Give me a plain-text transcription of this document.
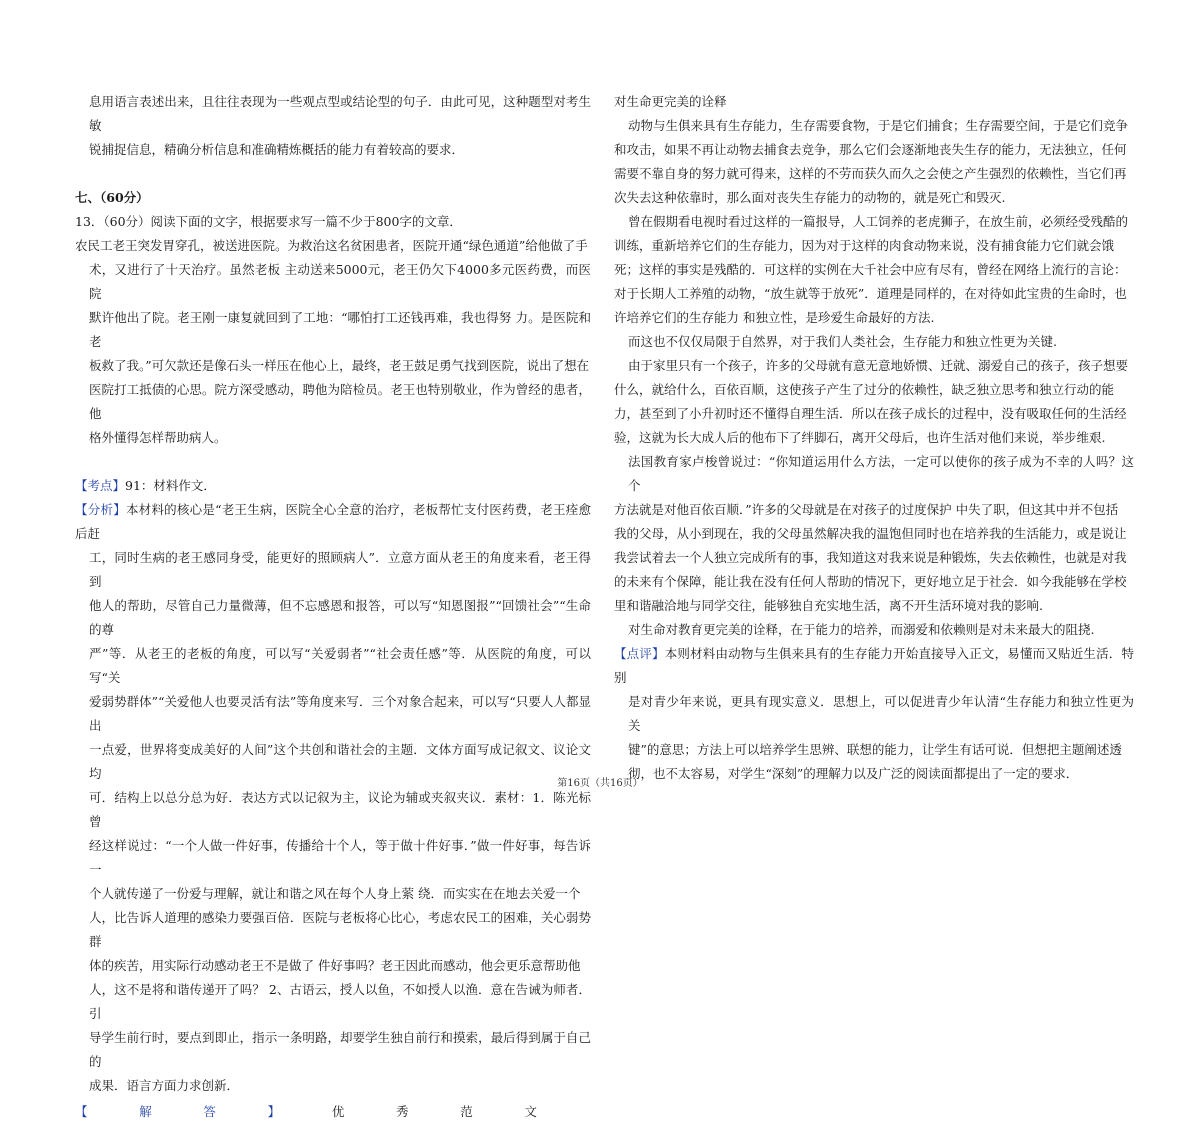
息用语言表述出来，且往往表现为一些观点型或结论型的句子．由此可见，这种题型对考生敏

锐捕捉信息，精确分析信息和准确精炼概括的能力有着较高的要求．

七、（60分）

13．（60分）阅读下面的文字，根据要求写一篇不少于800字的文章．

农民工老王突发胃穿孔，被送进医院。为救治这名贫困患者，医院开通“绿色通道”给他做了手

术，又进行了十天治疗。虽然老板 主动送来5000元，老王仍欠下4000多元医药费，而医院

默许他出了院。老王刚一康复就回到了工地：“哪怕打工还钱再难，我也得努 力。是医院和老

板救了我。”可欠款还是像石头一样压在他心上，最终，老王鼓足勇气找到医院，说出了想在

医院打工抵债的心思。院方深受感动，聘他为陪检员。老王也特别敬业，作为曾经的患者，他

格外懂得怎样帮助病人。

【考点】91：材料作文．

【分析】本材料的核心是“老王生病，医院全心全意的治疗，老板帮忙支付医药费，老王痊愈后赶

工，同时生病的老王感同身受，能更好的照顾病人”．立意方面从老王的角度来看，老王得到

他人的帮助，尽管自己力量微薄，但不忘感恩和报答，可以写“知恩图报”“回馈社会”“生命的尊

严”等．从老王的老板的角度，可以写“关爱弱者”“社会责任感”等．从医院的角度，可以写“关

爱弱势群体”“关爱他人也要灵活有法”等角度来写．三个对象合起来，可以写“只要人人都显出

一点爱，世界将变成美好的人间”这个共创和谐社会的主题．文体方面写成记叙文、议论文均

可．结构上以总分总为好．表达方式以记叙为主，议论为辅或夹叙夹议．素材：1．陈光标曾

经这样说过：“一个人做一件好事，传播给十个人，等于做十件好事．”做一件好事，每告诉一

个人就传递了一份爱与理解，就让和谐之风在每个人身上萦 绕．而实实在在地去关爱一个

人，比告诉人道理的感染力要强百倍．医院与老板将心比心，考虑农民工的困难，关心弱势群

体的疾苦，用实际行动感动老王不是做了 件好事吗？老王因此而感动，他会更乐意帮助他

人，这不是将和谐传递开了吗？ 2、古语云，授人以鱼，不如授人以渔．意在告诫为师者．引

导学生前行时，要点到即止，指示一条明路，却要学生独自前行和摸索，最后得到属于自己的

成果．语言方面力求创新．

【	解	答	】	优	秀	范	文

对生命更完美的诠释

动物与生俱来具有生存能力，生存需要食物，于是它们捕食；生存需要空间，于是它们竞争

和攻击，如果不再让动物去捕食去竞争，那么它们会逐渐地丧失生存的能力，无法独立，任何

需要不靠自身的努力就可得来，这样的不劳而获久而久之会使之产生强烈的依赖性，当它们再

次失去这种依靠时，那么面对丧失生存能力的动物的，就是死亡和毁灭.

曾在假期看电视时看过这样的一篇报导，人工饲养的老虎狮子，在放生前，必须经受残酷的

训练，重新培养它们的生存能力，因为对于这样的肉食动物来说，没有捕食能力它们就会饿

死；这样的事实是残酷的．可这样的实例在大千社会中应有尽有，曾经在网络上流行的言论：

对于长期人工养殖的动物，“放生就等于放死”．道理是同样的，在对待如此宝贵的生命时，也

许培养它们的生存能力 和独立性，是珍爱生命最好的方法.

而这也不仅仅局限于自然界，对于我们人类社会，生存能力和独立性更为关键.

由于家里只有一个孩子，许多的父母就有意无意地娇惯、迁就、溺爱自己的孩子，孩子想要

什么，就给什么，百依百顺，这使孩子产生了过分的依赖性，缺乏独立思考和独立行动的能

力，甚至到了小升初时还不懂得自理生活．所以在孩子成长的过程中，没有吸取任何的生活经

验，这就为长大成人后的他布下了绊脚石，离开父母后，也许生活对他们来说，举步维艰.

法国教育家卢梭曾说过：“你知道运用什么方法，一定可以使你的孩子成为不幸的人吗？这个

方法就是对他百依百顺．”许多的父母就是在对孩子的过度保护 中失了职，但这其中并不包括

我的父母，从小到现在，我的父母虽然解决我的温饱但同时也在培养我的生活能力，或是说让

我尝试着去一个人独立完成所有的事，我知道这对我来说是种锻炼，失去依赖性，也就是对我

的未来有个保障，能让我在没有任何人帮助的情况下，更好地立足于社会．如今我能够在学校

里和谐融洽地与同学交往，能够独自充实地生活，离不开生活环境对我的影响.

对生命对教育更完美的诠释，在于能力的培养，而溺爱和依赖则是对未来最大的阻挠.

【点评】本则材料由动物与生俱来具有的生存能力开始直接导入正文，易懂而又贴近生活．特别

是对青少年来说，更具有现实意义．思想上，可以促进青少年认清“生存能力和独立性更为关

键”的意思；方法上可以培养学生思辨、联想的能力，让学生有话可说．但想把主题阐述透

彻，也不太容易，对学生“深刻”的理解力以及广泛的阅读面都提出了一定的要求．

第16页（共16页）
